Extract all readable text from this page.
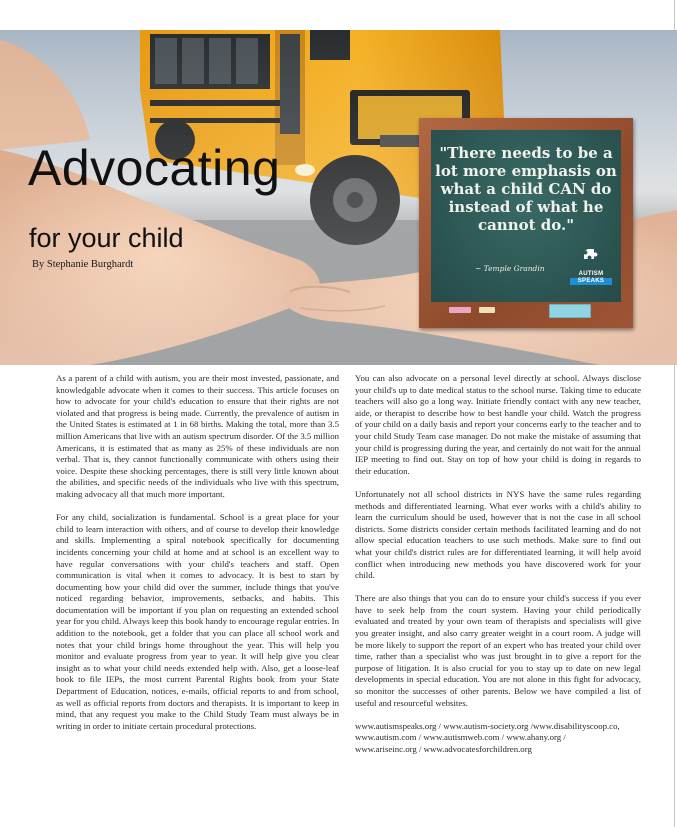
Advocating
for your child
By Stephanie Burghardt
"There needs to be a lot more emphasis on what a child CAN do instead of what he cannot do."
~ Temple Grandin
AUTISM
SPEAKS

As a parent of a child with autism, you are their most invested, passionate, and knowledgable advocate when it comes to their success. This article focuses on how to advocate for your child's education to ensure that their rights are not violated and that progress is being made. Currently, the prevalence of autism in the United States is estimated at 1 in 68 births. Making the total, more than 3.5 million Americans that live with an autism spectrum disorder. Of the 3.5 million Americans, it is estimated that as many as 25% of these individuals are non verbal. That is, they cannot functionally communicate with others using their voice. Despite these shocking percentages, there is still very little known about the abilities, and specific needs of the individuals who live with this spectrum, making advocacy all that much more important.

For any child, socialization is fundamental. School is a great place for your child to learn interaction with others, and of course to develop their knowledge and skills. Implementing a spiral notebook specifically for documenting incidents concerning your child at home and at school is an excellent way to have regular conversations with your child's teachers and staff. Open communication is vital when it comes to advocacy. It is best to start by documenting how your child did over the summer, include things that you've noticed regarding behavior, improvements, setbacks, and habits. This documentation will be important if you plan on requesting an extended school year for you child. Always keep this book handy to encourage regular entries. In addition to the notebook, get a folder that you can place all school work and notes that your child brings home throughout the year. This will help you monitor and evaluate progress from year to year. It will help give you clear insight as to what your child needs extended help with. Also, get a loose-leaf book to file IEPs, the most current Parental Rights book from your State Department of Education, notices, e-mails, official reports to and from school, as well as official reports from doctors and therapists. It is important to keep in mind, that any request you make to the Child Study Team must always be in writing in order to initiate certain procedural protections.

You can also advocate on a personal level directly at school. Always disclose your child's up to date medical status to the school nurse. Taking time to educate teachers will also go a long way. Initiate friendly contact with any new teacher, aide, or therapist to describe how to best handle your child. Watch the progress of your child on a daily basis and report your concerns early to the teacher and to your child Study Team case manager. Do not make the mistake of assuming that your child is progressing during the year, and certainly do not wait for the annual IEP meeting to find out. Stay on top of how your child is doing in regards to their education.

Unfortunately not all school districts in NYS have the same rules regarding methods and differentiated learning. What ever works with a child's ability to learn the curriculum should be used, however that is not the case in all school districts. Some districts consider certain methods facilitated learning and do not allow special education teachers to use such methods. Make sure to find out what your child's district rules are for differentiated learning, it will help avoid conflict when introducing new methods you have discovered work for your child.

There are also things that you can do to ensure your child's success if you ever have to seek help from the court system. Having your child periodically evaluated and treated by your own team of therapists and specialists will give you greater insight, and also carry greater weight in a court room. A judge will be more likely to support the report of an expert who has treated your child over time, rather than a specialist who was just brought in to give a report for the purpose of litigation. It is also crucial for you to stay up to date on new legal developments in special education. You are not alone in this fight for advocacy, so monitor the successes of other parents. Below we have compiled a list of useful and resourceful websites.

www.autismspeaks.org / www.autism-society.org /www.disabilityscoop.co,
www.autism.com / www.autismweb.com / www.ahany.org /
www.ariseinc.org / www.advocatesforchildren.org
